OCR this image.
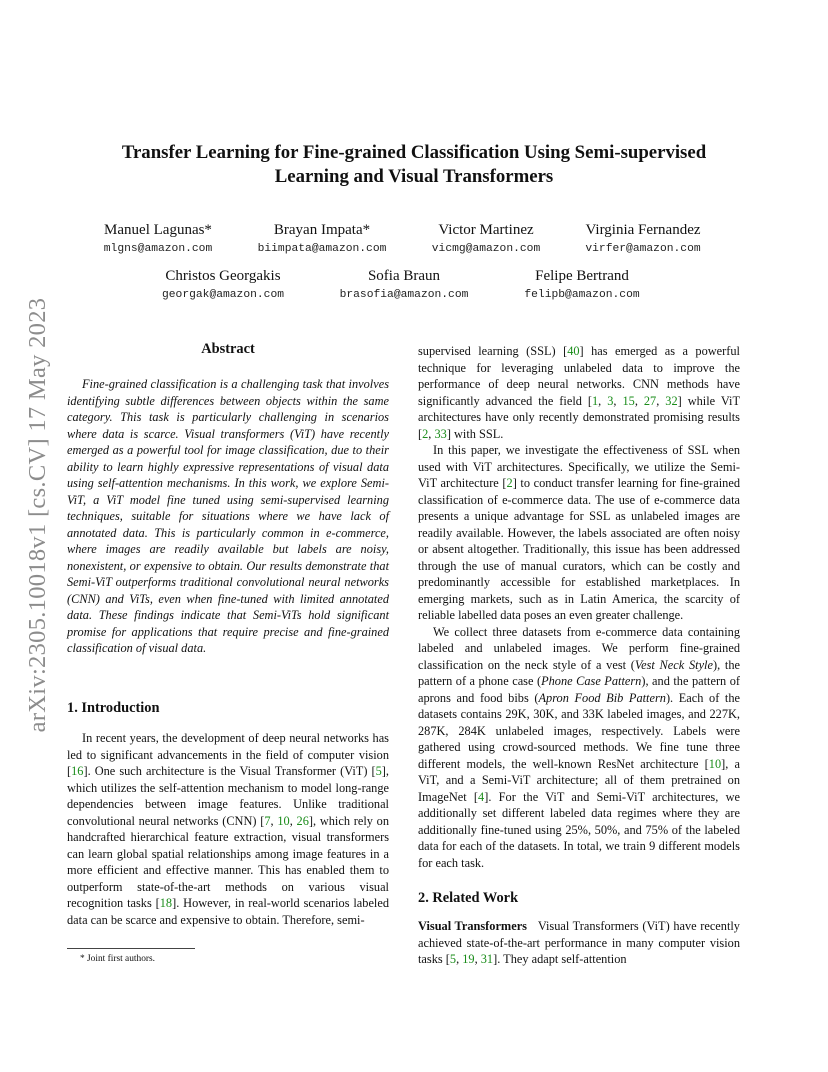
arXiv:2305.10018v1 [cs.CV] 17 May 2023
Transfer Learning for Fine-grained Classification Using Semi-supervised
Learning and Visual Transformers
Manuel Lagunas*
mlgns@amazon.com
Brayan Impata*
biimpata@amazon.com
Victor Martinez
vicmg@amazon.com
Virginia Fernandez
virfer@amazon.com
Christos Georgakis
georgak@amazon.com
Sofia Braun
brasofia@amazon.com
Felipe Bertrand
felipb@amazon.com
Abstract

Fine-grained classification is a challenging task that involves identifying subtle differences between objects within the same category. This task is particularly challenging in scenarios where data is scarce. Visual transformers (ViT) have recently emerged as a powerful tool for image classification, due to their ability to learn highly expressive representations of visual data using self-attention mechanisms. In this work, we explore Semi-ViT, a ViT model fine tuned using semi-supervised learning techniques, suitable for situations where we have lack of annotated data. This is particularly common in e-commerce, where images are readily available but labels are noisy, nonexistent, or expensive to obtain. Our results demonstrate that Semi-ViT outperforms traditional convolutional neural networks (CNN) and ViTs, even when fine-tuned with limited annotated data. These findings indicate that Semi-ViTs hold significant promise for applications that require precise and fine-grained classification of visual data.

1. Introduction

In recent years, the development of deep neural networks has led to significant advancements in the field of computer vision [16]. One such architecture is the Visual Transformer (ViT) [5], which utilizes the self-attention mechanism to model long-range dependencies between image features. Unlike traditional convolutional neural networks (CNN) [7, 10, 26], which rely on handcrafted hierarchical feature extraction, visual transformers can learn global spatial relationships among image features in a more efficient and effective manner. This has enabled them to outperform state-of-the-art methods on various visual recognition tasks [18]. However, in real-world scenarios labeled data can be scarce and expensive to obtain. Therefore, semi-

* Joint first authors.

supervised learning (SSL) [40] has emerged as a powerful technique for leveraging unlabeled data to improve the performance of deep neural networks. CNN methods have significantly advanced the field [1, 3, 15, 27, 32] while ViT architectures have only recently demonstrated promising results [2, 33] with SSL.

In this paper, we investigate the effectiveness of SSL when used with ViT architectures. Specifically, we utilize the Semi-ViT architecture [2] to conduct transfer learning for fine-grained classification of e-commerce data. The use of e-commerce data presents a unique advantage for SSL as unlabeled images are readily available. However, the labels associated are often noisy or absent altogether. Traditionally, this issue has been addressed through the use of manual curators, which can be costly and predominantly accessible for established marketplaces. In emerging markets, such as in Latin America, the scarcity of reliable labelled data poses an even greater challenge.

We collect three datasets from e-commerce data containing labeled and unlabeled images. We perform fine-grained classification on the neck style of a vest (Vest Neck Style), the pattern of a phone case (Phone Case Pattern), and the pattern of aprons and food bibs (Apron Food Bib Pattern). Each of the datasets contains 29K, 30K, and 33K labeled images, and 227K, 287K, 284K unlabeled images, respectively. Labels were gathered using crowd-sourced methods. We fine tune three different models, the well-known ResNet architecture [10], a ViT, and a Semi-ViT architecture; all of them pretrained on ImageNet [4]. For the ViT and Semi-ViT architectures, we additionally set different labeled data regimes where they are additionally fine-tuned using 25%, 50%, and 75% of the labeled data for each of the datasets. In total, we train 9 different models for each task.

2. Related Work

Visual Transformers Visual Transformers (ViT) have recently achieved state-of-the-art performance in many computer vision tasks [5, 19, 31]. They adapt self-attention
